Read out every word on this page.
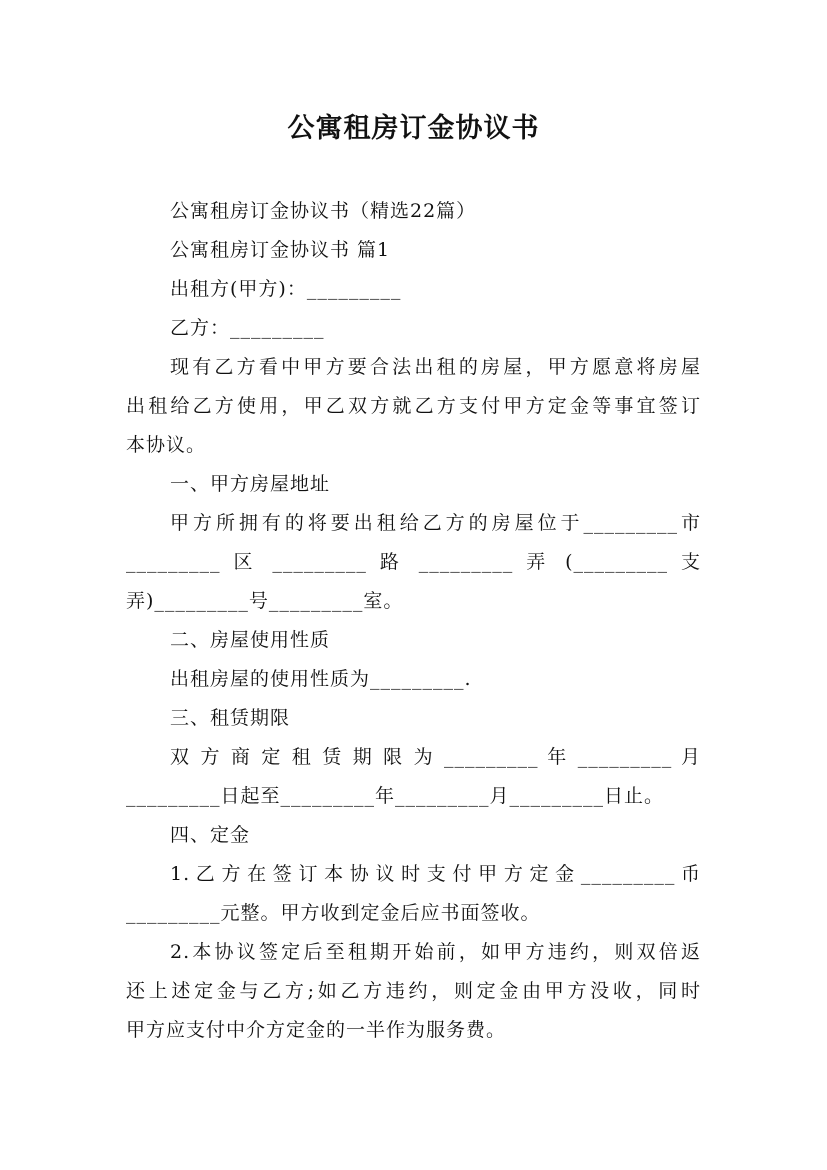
公寓租房订金协议书
公寓租房订金协议书（精选22篇）
公寓租房订金协议书 篇1
出租方(甲方)：_________
乙方：_________
现有乙方看中甲方要合法出租的房屋，甲方愿意将房屋
出租给乙方使用，甲乙双方就乙方支付甲方定金等事宜签订
本协议。
一、甲方房屋地址
甲方所拥有的将要出租给乙方的房屋位于_________市
_________ 区 _________ 路 _________ 弄 (_________ 支
弄)_________号_________室。
二、房屋使用性质
出租房屋的使用性质为_________.
三、租赁期限
双 方 商 定 租 赁 期 限 为 _________ 年 _________ 月
_________日起至_________年_________月_________日止。
四、定金
1.乙方在签订本协议时支付甲方定金_________币
_________元整。甲方收到定金后应书面签收。
2.本协议签定后至租期开始前，如甲方违约，则双倍返
还上述定金与乙方;如乙方违约，则定金由甲方没收，同时
甲方应支付中介方定金的一半作为服务费。
